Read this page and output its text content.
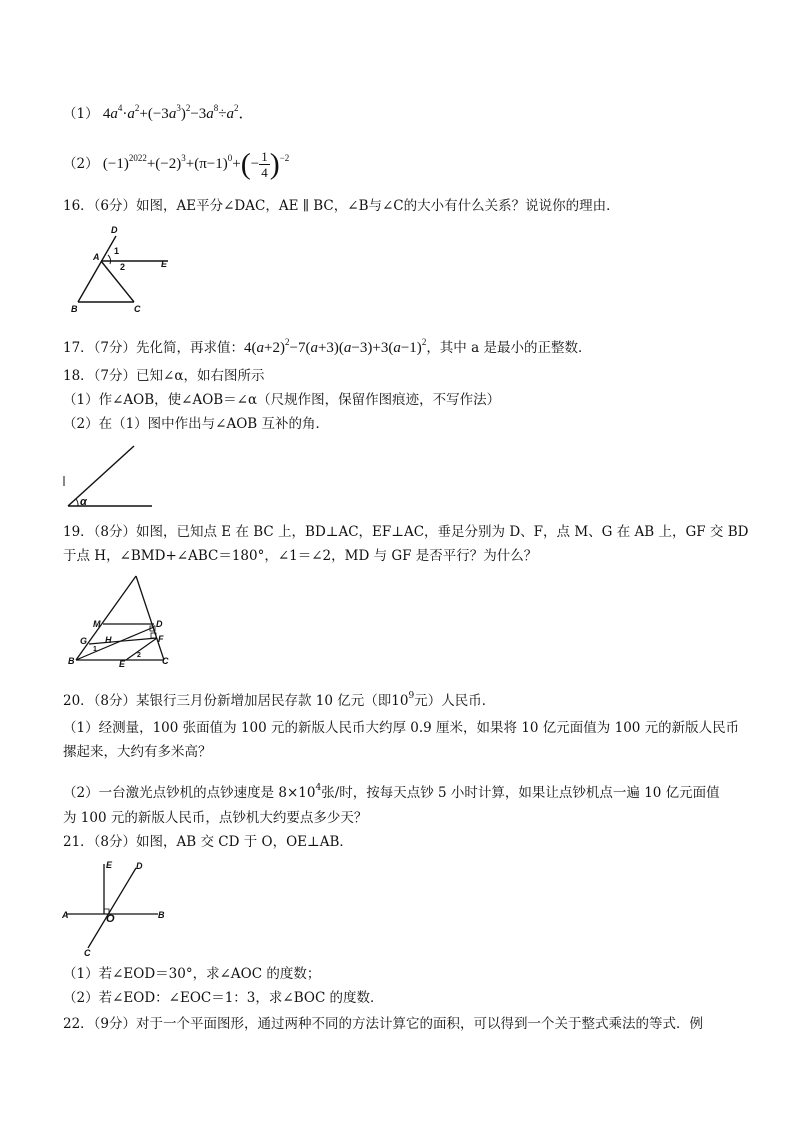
（1） $4a^4\cdot a^2+(-3a^3)^2-3a^8\div a^2$．
（2） $(-1)^{2022}+(-2)^3+(\pi-1)^0+(- \frac{1}{4} )^{-2}$
16．（6分）如图，AE平分∠DAC，AE ∥ BC，∠B与∠C的大小有什么关系？说说你的理由．
D
A
E
B	C
1
2
17．（7分）先化简，再求值：$4(a+2)^2-7(a+3)(a-3)+3(a-1)^2$，其中 a 是最小的正整数．
18．（7分）已知∠α，如右图所示
（1）作∠AOB，使∠AOB＝∠α（尺规作图，保留作图痕迹，不写作法）
（2）在（1）图中作出与∠AOB 互补的角．
α
19．（8分）如图，已知点 E 在 BC 上，BD⊥AC，EF⊥AC，垂足分别为 D、F，点 M、G 在 AB 上，GF 交 BD
于点 H，∠BMD+∠ABC＝180°，∠1＝∠2，MD 与 GF 是否平行？为什么？
M	D
G H	F
B	E	C
1
2
20．（8分）某银行三月份新增加居民存款 10 亿元（即$10^9$元）人民币．
（1）经测量，100 张面值为 100 元的新版人民币大约厚 0.9 厘米，如果将 10 亿元面值为 100 元的新版人民币
摞起来，大约有多米高？
（2）一台激光点钞机的点钞速度是 $8\times 10^4$张/时，按每天点钞 5 小时计算，如果让点钞机点一遍 10 亿元面值
为 100 元的新版人民币，点钞机大约要点多少天？
21．（8分）如图，AB 交 CD 于 O，OE⊥AB．
E	D
A	O	B
C
（1）若∠EOD＝30°，求∠AOC 的度数；
（2）若∠EOD：∠EOC＝1：3，求∠BOC 的度数．
22．（9分）对于一个平面图形，通过两种不同的方法计算它的面积，可以得到一个关于整式乘法的等式．例
